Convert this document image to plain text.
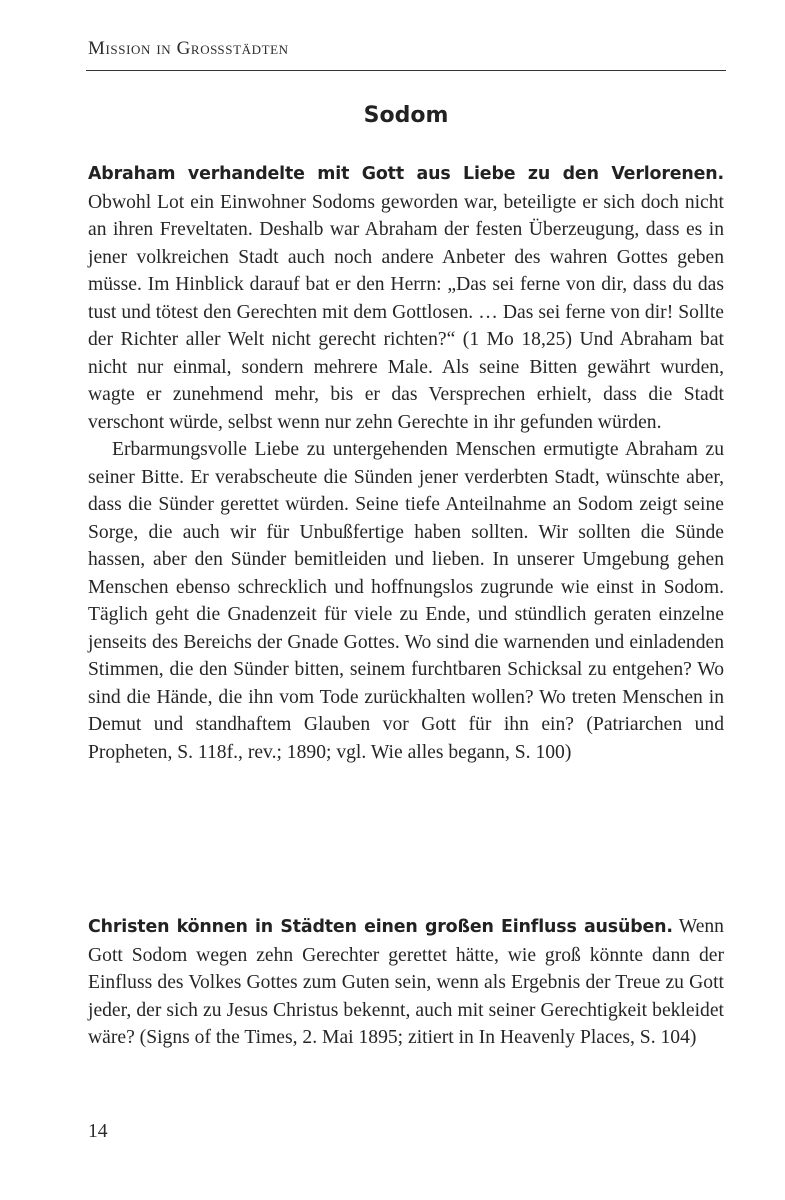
Mission in Großstädten
Sodom

Abraham verhandelte mit Gott aus Liebe zu den Verlorenen. Obwohl Lot ein Einwohner Sodoms geworden war, beteiligte er sich doch nicht an ihren Freveltaten. Deshalb war Abraham der festen Überzeugung, dass es in jener volkreichen Stadt auch noch andere Anbeter des wahren Gottes geben müsse. Im Hinblick darauf bat er den Herrn: „Das sei ferne von dir, dass du das tust und tötest den Gerechten mit dem Gottlosen. … Das sei ferne von dir! Sollte der Richter aller Welt nicht gerecht richten?“ (1 Mo 18,25) Und Abraham bat nicht nur einmal, sondern mehrere Male. Als seine Bitten gewährt wurden, wagte er zunehmend mehr, bis er das Versprechen erhielt, dass die Stadt verschont würde, selbst wenn nur zehn Gerechte in ihr gefunden würden.

Erbarmungsvolle Liebe zu untergehenden Menschen ermutigte Abraham zu seiner Bitte. Er verabscheute die Sünden jener verderbten Stadt, wünschte aber, dass die Sünder gerettet würden. Seine tiefe Anteilnahme an Sodom zeigt seine Sorge, die auch wir für Unbußfertige haben sollten. Wir sollten die Sünde hassen, aber den Sünder bemitleiden und lieben. In unserer Umgebung gehen Menschen ebenso schrecklich und hoffnungslos zugrunde wie einst in Sodom. Täglich geht die Gnadenzeit für viele zu Ende, und stündlich geraten einzelne jenseits des Bereichs der Gnade Gottes. Wo sind die warnenden und einladenden Stimmen, die den Sünder bitten, seinem furchtbaren Schicksal zu entgehen? Wo sind die Hände, die ihn vom Tode zurückhalten wollen? Wo treten Menschen in Demut und standhaftem Glauben vor Gott für ihn ein? (Patriarchen und Propheten, S. 118f., rev.; 1890; vgl. Wie alles begann, S. 100)

Christen können in Städten einen großen Einfluss ausüben. Wenn Gott Sodom wegen zehn Gerechter gerettet hätte, wie groß könnte dann der Einfluss des Volkes Gottes zum Guten sein, wenn als Ergebnis der Treue zu Gott jeder, der sich zu Jesus Christus bekennt, auch mit seiner Gerechtigkeit bekleidet wäre? (Signs of the Times, 2. Mai 1895; zitiert in In Heavenly Places, S. 104)

14
